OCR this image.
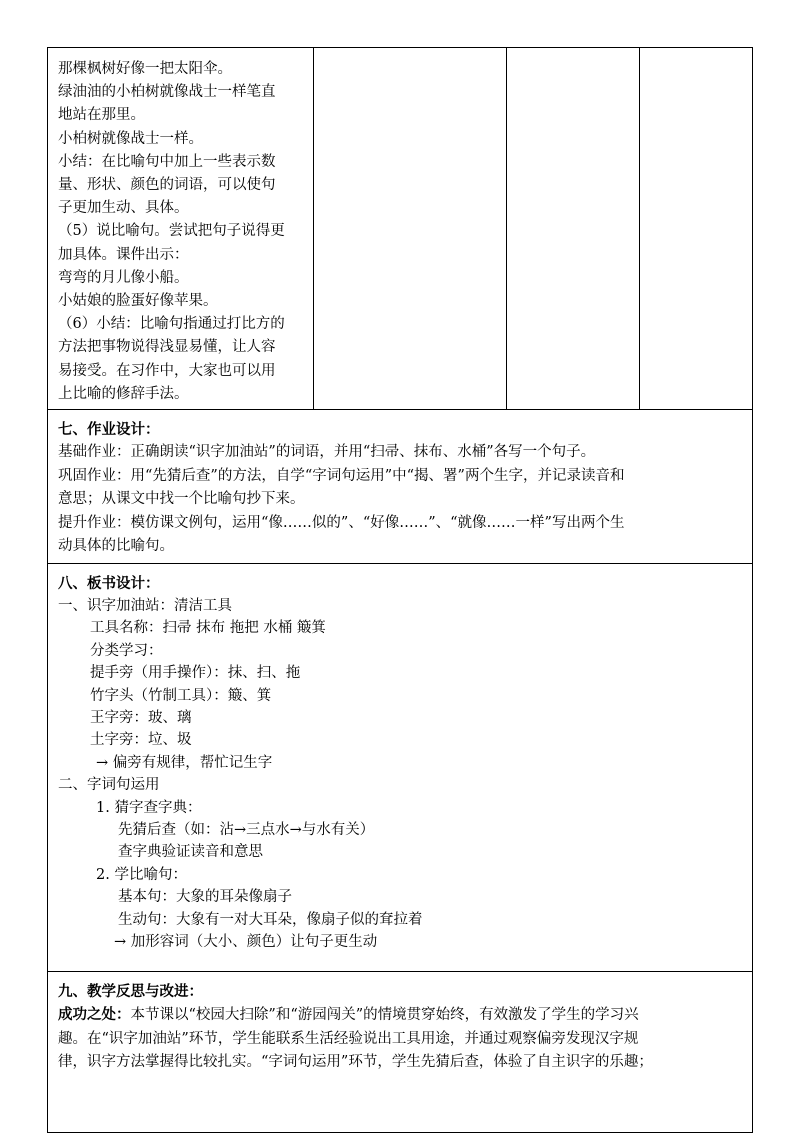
那棵枫树好像一把太阳伞。
绿油油的小柏树就像战士一样笔直
地站在那里。
小柏树就像战士一样。
小结：在比喻句中加上一些表示数
量、形状、颜色的词语，可以使句
子更加生动、具体。
（5）说比喻句。尝试把句子说得更
加具体。课件出示：
弯弯的月儿像小船。
小姑娘的脸蛋好像苹果。
（6）小结：比喻句指通过打比方的
方法把事物说得浅显易懂，让人容
易接受。在习作中，大家也可以用
上比喻的修辞手法。
七、作业设计：
基础作业：正确朗读“识字加油站”的词语，并用“扫帚、抹布、水桶”各写一个句子。
巩固作业：用“先猜后查”的方法，自学“字词句运用”中“揭、署”两个生字，并记录读音和
意思；从课文中找一个比喻句抄下来。
提升作业：模仿课文例句，运用“像……似的”、“好像……”、“就像……一样”写出两个生
动具体的比喻句。
八、板书设计：
一、识字加油站：清洁工具
工具名称：扫帚 抹布 拖把 水桶 簸箕
分类学习：
提手旁（用手操作）：抹、扫、拖
竹字头（竹制工具）：簸、箕
王字旁：玻、璃
土字旁：垃、圾
→ 偏旁有规律，帮忙记生字
二、字词句运用
1. 猜字查字典：
先猜后查（如：沾→三点水→与水有关）
查字典验证读音和意思
2. 学比喻句：
基本句：大象的耳朵像扇子
生动句：大象有一对大耳朵，像扇子似的耷拉着
→ 加形容词（大小、颜色）让句子更生动
九、教学反思与改进：
成功之处：本节课以“校园大扫除”和“游园闯关”的情境贯穿始终，有效激发了学生的学习兴
趣。在“识字加油站”环节，学生能联系生活经验说出工具用途，并通过观察偏旁发现汉字规
律，识字方法掌握得比较扎实。“字词句运用”环节，学生先猜后查，体验了自主识字的乐趣；
